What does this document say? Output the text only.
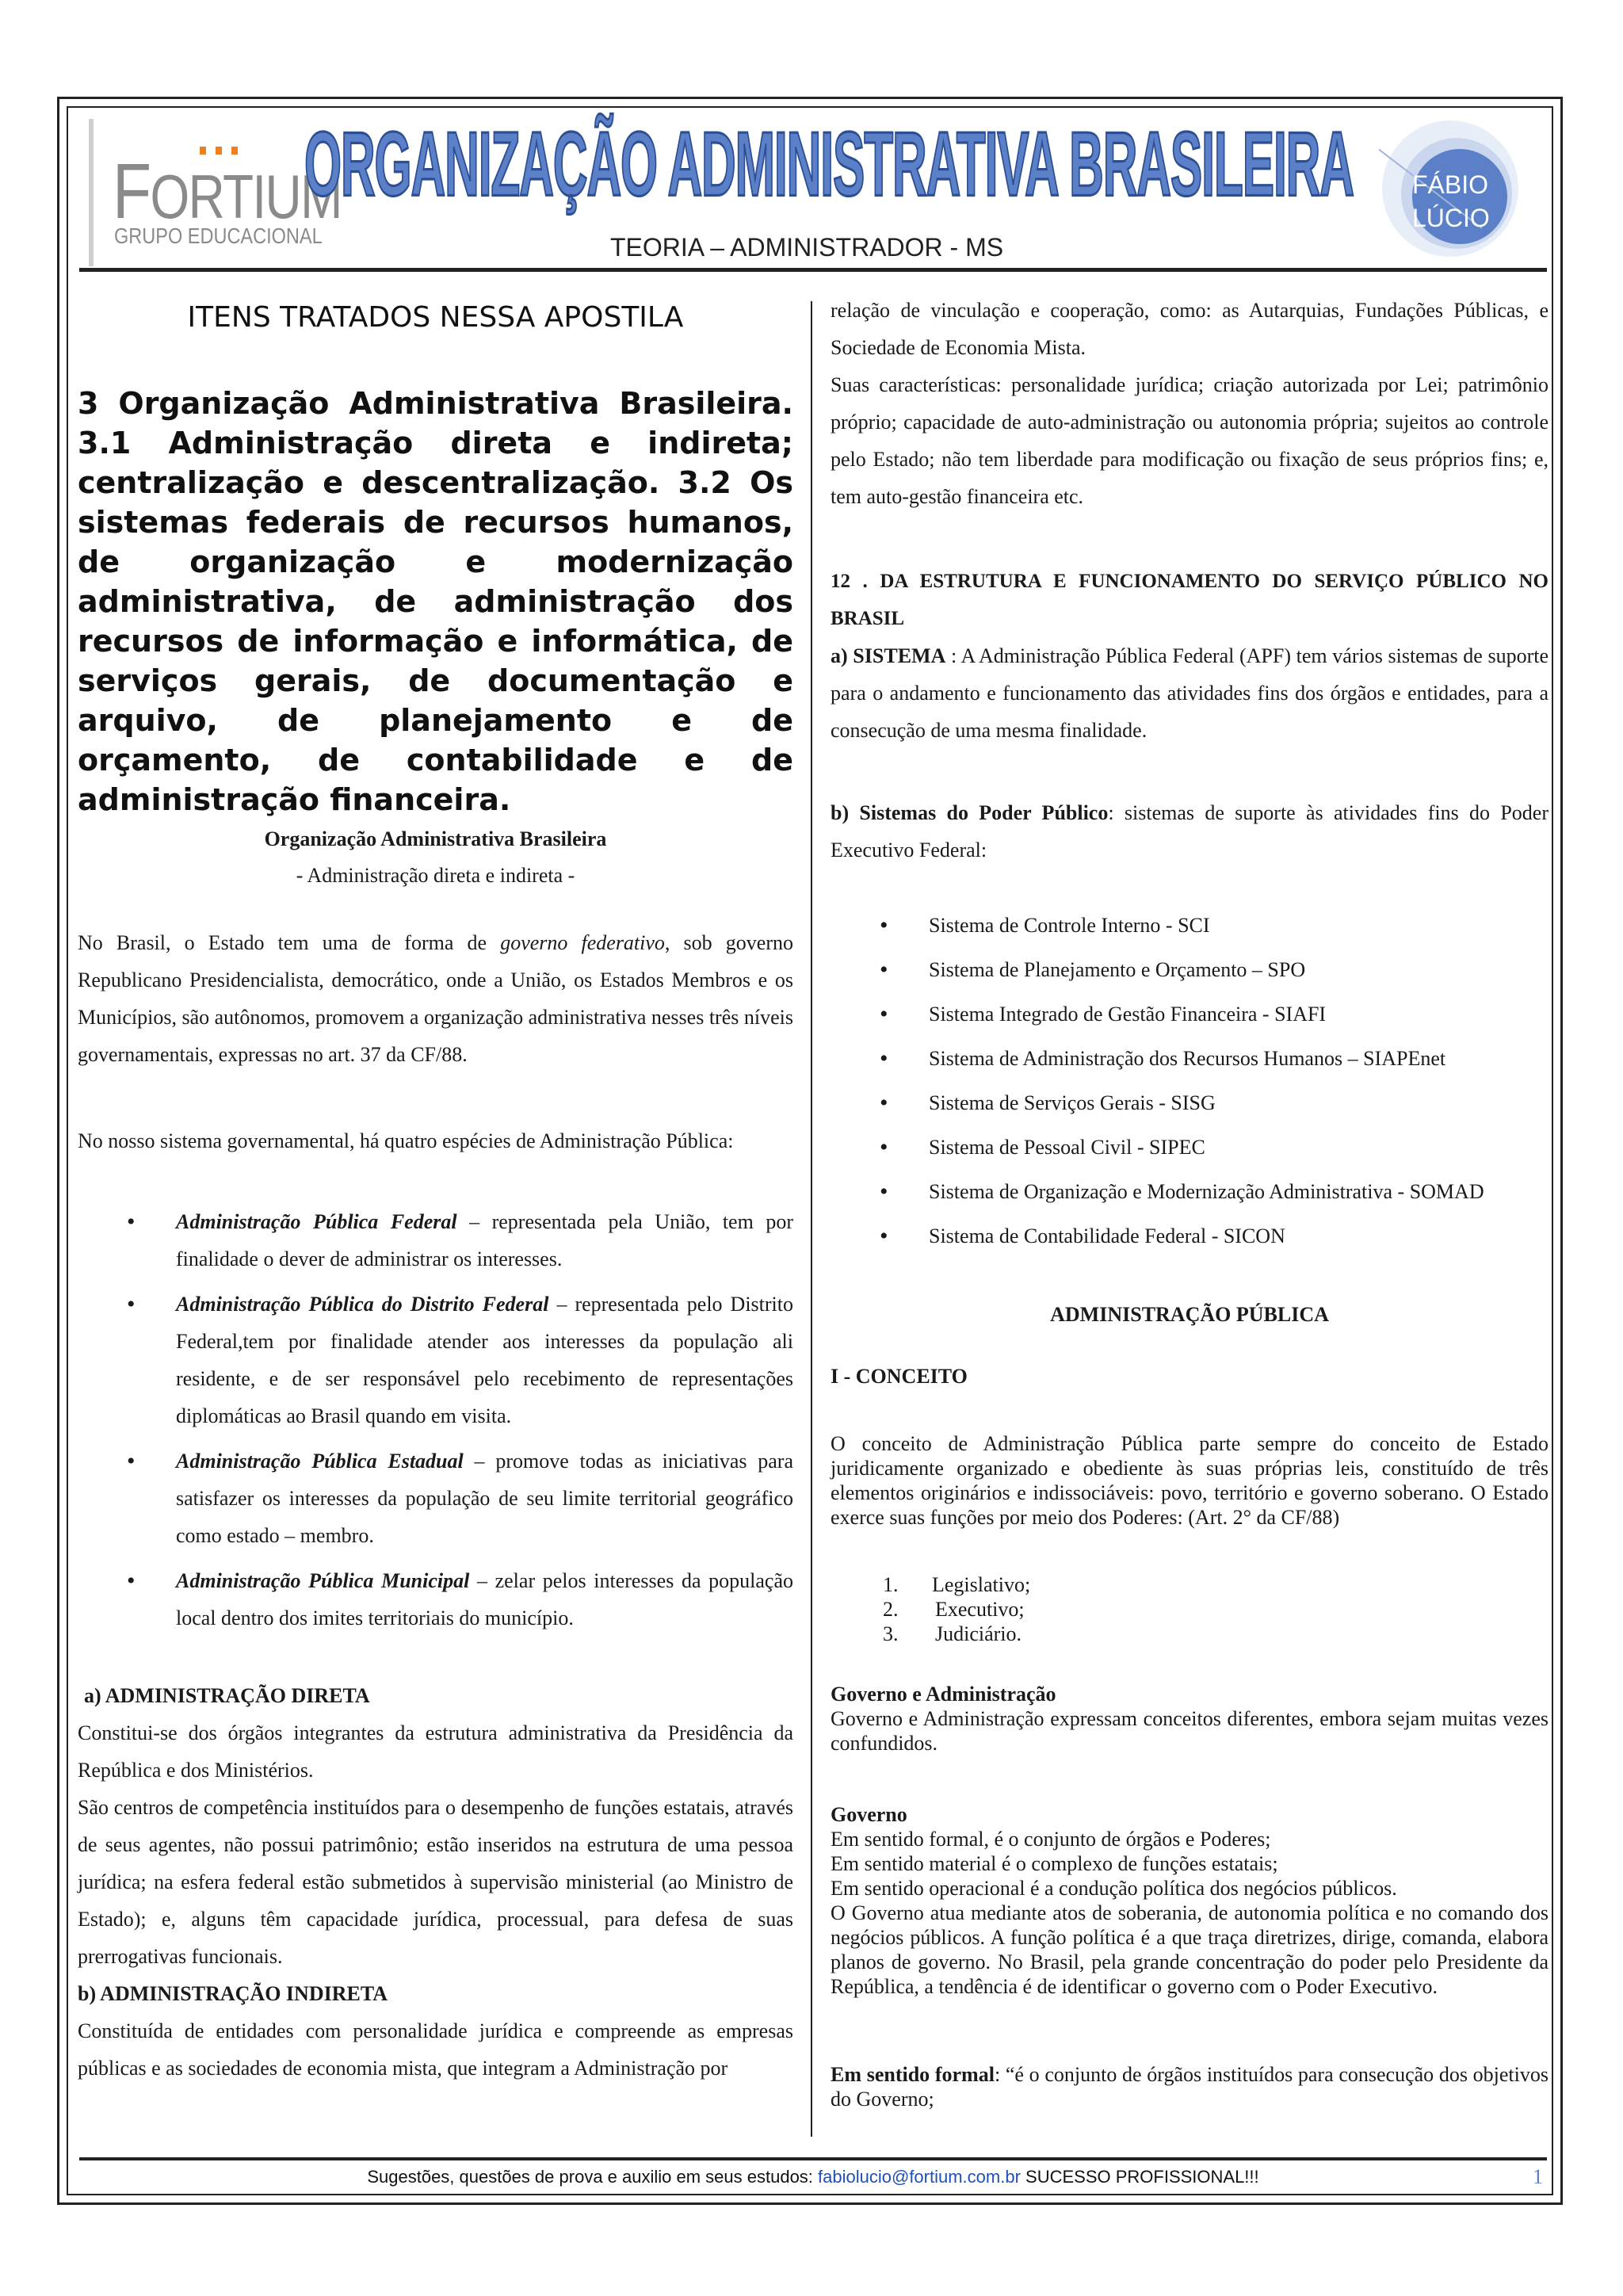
FORTIUM
GRUPO EDUCACIONAL
ORGANIZAÇÃO ADMINISTRATIVA BRASILEIRA
TEORIA – ADMINISTRADOR - MS
FÁBIO
LÚCIO
ITENS TRATADOS NESSA APOSTILA
3 Organização Administrativa Brasileira. 3.1 Administração direta e indireta; centralização e descentralização. 3.2 Os sistemas federais de recursos humanos, de organização e modernização administrativa, de administração dos recursos de informação e informática, de serviços gerais, de documentação e arquivo, de planejamento e de orçamento, de contabilidade e de administração financeira.
Organização Administrativa Brasileira
- Administração direta e indireta -
No Brasil, o Estado tem uma de forma de governo federativo, sob governo Republicano Presidencialista, democrático, onde a União, os Estados Membros e os Municípios, são autônomos, promovem a organização administrativa nesses três níveis governamentais, expressas no art. 37 da CF/88.
No nosso sistema governamental, há quatro espécies de Administração Pública:
• Administração Pública Federal – representada pela União, tem por finalidade o dever de administrar os interesses.
• Administração Pública do Distrito Federal – representada pelo Distrito Federal,tem por finalidade atender aos interesses da população ali residente, e de ser responsável pelo recebimento de representações diplomáticas ao Brasil quando em visita.
• Administração Pública Estadual – promove todas as iniciativas para satisfazer os interesses da população de seu limite territorial geográfico como estado – membro.
• Administração Pública Municipal – zelar pelos interesses da população local dentro dos imites territoriais do município.
a) ADMINISTRAÇÃO DIRETA
Constitui-se dos órgãos integrantes da estrutura administrativa da Presidência da República e dos Ministérios.
São centros de competência instituídos para o desempenho de funções estatais, através de seus agentes, não possui patrimônio; estão inseridos na estrutura de uma pessoa jurídica; na esfera federal estão submetidos à supervisão ministerial (ao Ministro de Estado); e, alguns têm capacidade jurídica, processual, para defesa de suas prerrogativas funcionais.
b) ADMINISTRAÇÃO INDIRETA
Constituída de entidades com personalidade jurídica e compreende as empresas públicas e as sociedades de economia mista, que integram a Administração por
relação de vinculação e cooperação, como: as Autarquias, Fundações Públicas, e Sociedade de Economia Mista.
Suas características: personalidade jurídica; criação autorizada por Lei; patrimônio próprio; capacidade de auto-administração ou autonomia própria; sujeitos ao controle pelo Estado; não tem liberdade para modificação ou fixação de seus próprios fins; e, tem auto-gestão financeira etc.
12 . DA ESTRUTURA E FUNCIONAMENTO DO SERVIÇO PÚBLICO NO BRASIL
a) SISTEMA : A Administração Pública Federal (APF) tem vários sistemas de suporte para o andamento e funcionamento das atividades fins dos órgãos e entidades, para a consecução de uma mesma finalidade.
b) Sistemas do Poder Público: sistemas de suporte às atividades fins do Poder Executivo Federal:
• Sistema de Controle Interno - SCI
• Sistema de Planejamento e Orçamento – SPO
• Sistema Integrado de Gestão Financeira - SIAFI
• Sistema de Administração dos Recursos Humanos – SIAPEnet
• Sistema de Serviços Gerais - SISG
• Sistema de Pessoal Civil - SIPEC
• Sistema de Organização e Modernização Administrativa - SOMAD
• Sistema de Contabilidade Federal - SICON
ADMINISTRAÇÃO PÚBLICA
I - CONCEITO
O conceito de Administração Pública parte sempre do conceito de Estado juridicamente organizado e obediente às suas próprias leis, constituído de três elementos originários e indissociáveis: povo, território e governo soberano. O Estado exerce suas funções por meio dos Poderes: (Art. 2° da CF/88)
1. Legislativo;
2. Executivo;
3. Judiciário.
Governo e Administração
Governo e Administração expressam conceitos diferentes, embora sejam muitas vezes confundidos.
Governo
Em sentido formal, é o conjunto de órgãos e Poderes;
Em sentido material é o complexo de funções estatais;
Em sentido operacional é a condução política dos negócios públicos.
O Governo atua mediante atos de soberania, de autonomia política e no comando dos negócios públicos. A função política é a que traça diretrizes, dirige, comanda, elabora planos de governo. No Brasil, pela grande concentração do poder pelo Presidente da República, a tendência é de identificar o governo com o Poder Executivo.
Em sentido formal: “é o conjunto de órgãos instituídos para consecução dos objetivos do Governo;
Sugestões, questões de prova e auxilio em seus estudos: fabiolucio@fortium.com.br SUCESSO PROFISSIONAL!!!	1
